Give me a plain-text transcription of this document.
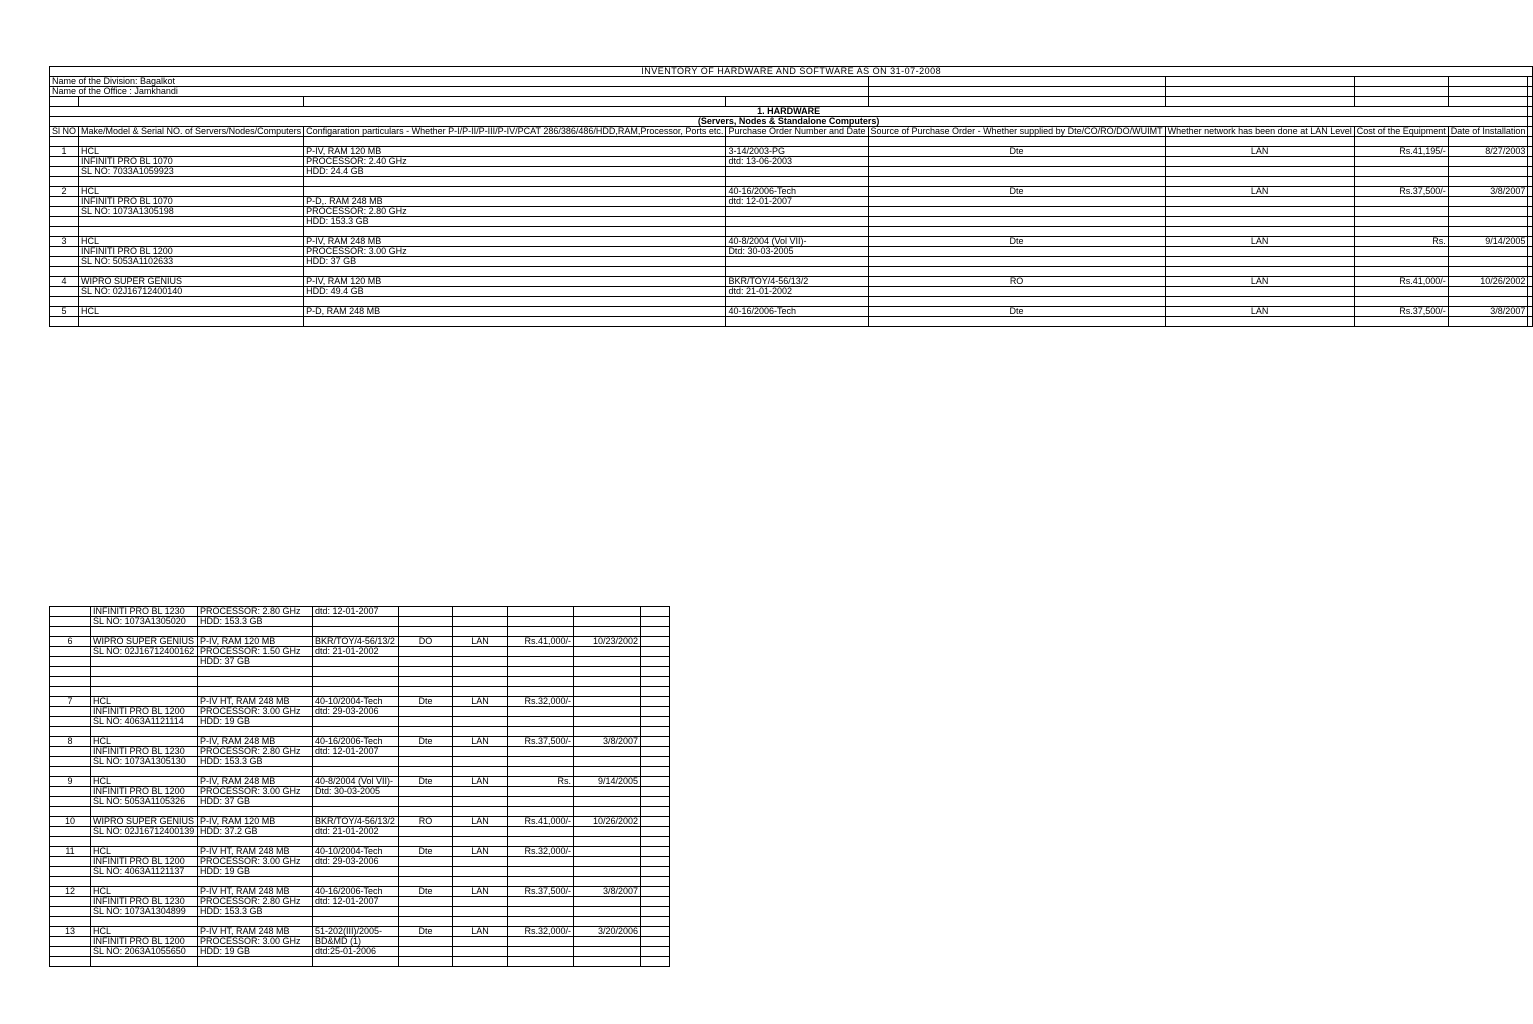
INVENTORY OF HARDWARE AND SOFTWARE AS ON 31-07-2008								
Name of the Division: Bagalkot								
Name of the Office : Jamkhandi								

1. HARDWARE								
(Servers, Nodes & Standalone Computers)								
Sl NO	Make/Model & Serial NO. of Servers/Nodes/Computers	Configaration particulars - Whether P-I/P-II/P-III/P-IV/PCAT 286/386/486/HDD,RAM,Processor, Ports etc.	Purchase Order Number and Date	Source of Purchase Order - Whether supplied by Dte/CO/RO/DO/WUIMT	Whether network has been done at LAN Level	Cost of the Equipment	Date of Installation	

1	HCL	P-IV, RAM 120 MB	3-14/2003-PG	Dte	LAN	Rs.41,195/-	8/27/2003	
	INFINITI PRO BL 1070	PROCESSOR: 2.40 GHz	dtd: 13-06-2003					
	SL NO: 7033A1059923	HDD: 24.4 GB						

2	HCL		40-16/2006-Tech	Dte	LAN	Rs.37,500/-	3/8/2007	
	INFINITI PRO BL 1070	P-D,. RAM 248 MB	dtd: 12-01-2007					
	SL NO: 1073A1305198	PROCESSOR: 2.80 GHz						
		HDD: 153.3 GB						

3	HCL	P-IV, RAM 248 MB	40-8/2004 (Vol VII)-	Dte	LAN	Rs.	9/14/2005	
	INFINITI PRO BL 1200	PROCESSOR: 3.00 GHz	Dtd: 30-03-2005					
	SL NO: 5053A1102633	HDD: 37 GB						

4	WIPRO SUPER GENIUS	P-IV, RAM 120 MB	BKR/TOY/4-56/13/2	RO	LAN	Rs.41,000/-	10/26/2002	
	SL NO: 02J16712400140	HDD: 49.4 GB	dtd: 21-01-2002					

5	HCL	P-D, RAM 248 MB	40-16/2006-Tech	Dte	LAN	Rs.37,500/-	3/8/2007	

	INFINITI PRO BL 1230	PROCESSOR: 2.80 GHz	dtd: 12-01-2007					
	SL NO: 1073A1305020	HDD: 153.3 GB						

6	WIPRO SUPER GENIUS	P-IV, RAM 120 MB	BKR/TOY/4-56/13/2	DO	LAN	Rs.41,000/-	10/23/2002	
	SL NO: 02J16712400162	PROCESSOR: 1.50 GHz	dtd: 21-01-2002					
		HDD: 37 GB						

7	HCL	P-IV HT, RAM 248 MB	40-10/2004-Tech	Dte	LAN	Rs.32,000/-		
	INFINITI PRO BL 1200	PROCESSOR: 3.00 GHz	dtd: 29-03-2006					
	SL NO: 4063A1121114	HDD: 19 GB						

8	HCL	P-IV, RAM 248 MB	40-16/2006-Tech	Dte	LAN	Rs.37,500/-	3/8/2007	
	INFINITI PRO BL 1230	PROCESSOR: 2.80 GHz	dtd: 12-01-2007					
	SL NO: 1073A1305130	HDD: 153.3 GB						

9	HCL	P-IV, RAM 248 MB	40-8/2004 (Vol VII)-	Dte	LAN	Rs.	9/14/2005	
	INFINITI PRO BL 1200	PROCESSOR: 3.00 GHz	Dtd: 30-03-2005					
	SL NO: 5053A1105326	HDD: 37 GB						

10	WIPRO SUPER GENIUS	P-IV, RAM 120 MB	BKR/TOY/4-56/13/2	RO	LAN	Rs.41,000/-	10/26/2002	
	SL NO: 02J16712400139	HDD: 37.2 GB	dtd: 21-01-2002					

11	HCL	P-IV HT, RAM 248 MB	40-10/2004-Tech	Dte	LAN	Rs.32,000/-		
	INFINITI PRO BL 1200	PROCESSOR: 3.00 GHz	dtd: 29-03-2006					
	SL NO: 4063A1121137	HDD: 19 GB						

12	HCL	P-IV HT, RAM 248 MB	40-16/2006-Tech	Dte	LAN	Rs.37,500/-	3/8/2007	
	INFINITI PRO BL 1230	PROCESSOR: 2.80 GHz	dtd: 12-01-2007					
	SL NO: 1073A1304899	HDD: 153.3 GB						

13	HCL	P-IV HT, RAM 248 MB	51-202(III)/2005-	Dte	LAN	Rs.32,000/-	3/20/2006	
	INFINITI PRO BL 1200	PROCESSOR: 3.00 GHz	BD&MD (1)					
	SL NO: 2063A1055650	HDD: 19 GB	dtd:25-01-2006					
